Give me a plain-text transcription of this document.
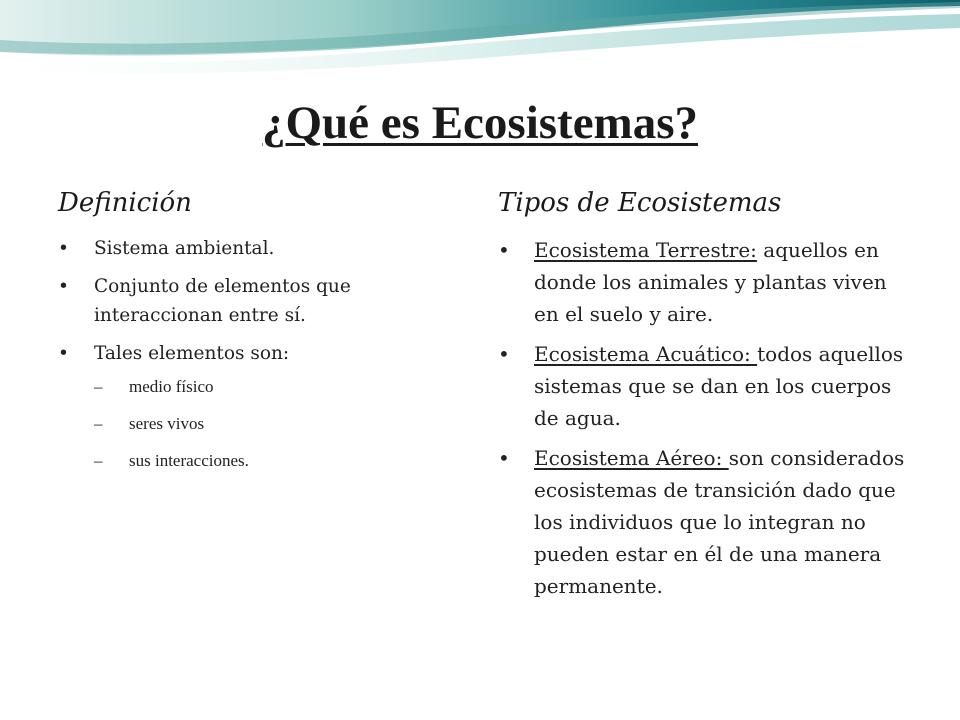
¿Qué es Ecosistemas?
Definición
• Sistema ambiental.
• Conjunto de elementos que interaccionan entre sí.
• Tales elementos son:
– medio físico
– seres vivos
– sus interacciones.
Tipos de Ecosistemas
• Ecosistema Terrestre: aquellos en donde los animales y plantas viven en el suelo y aire.
• Ecosistema Acuático: todos aquellos sistemas que se dan en los cuerpos de agua.
• Ecosistema Aéreo: son considerados ecosistemas de transición dado que los individuos que lo integran no pueden estar en él de una manera permanente.
